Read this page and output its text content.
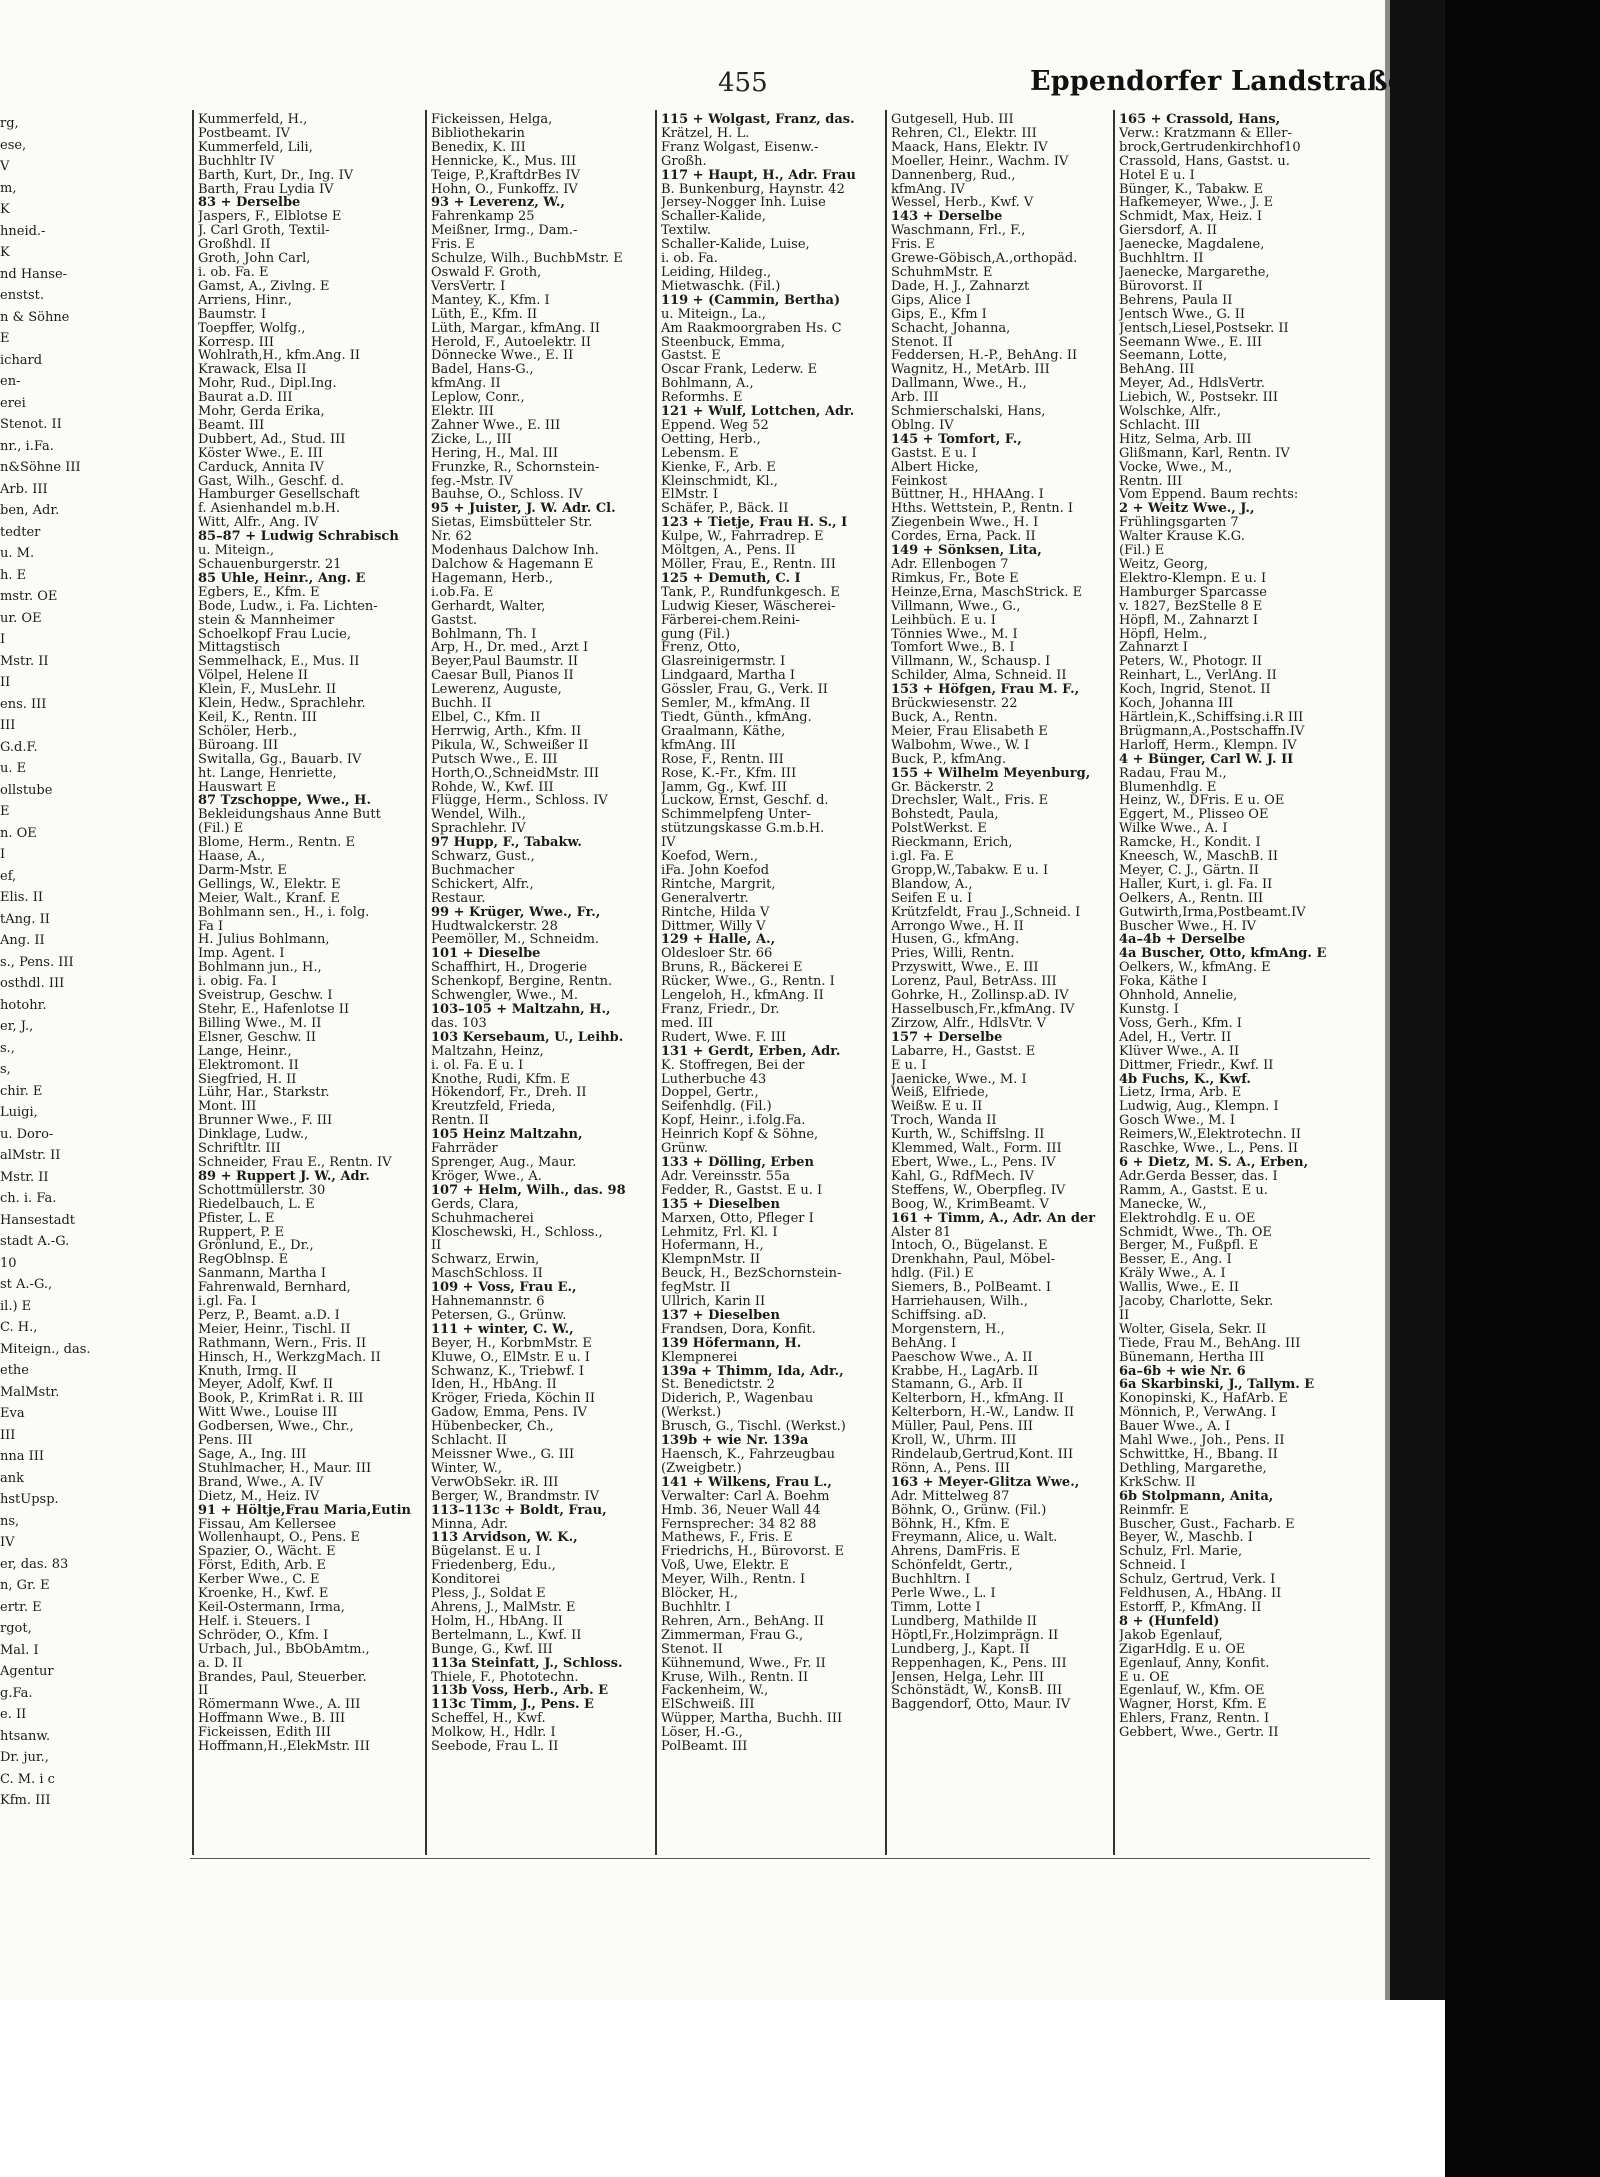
455	Eppendorfer Landstraße
rg,
ese,
V
m,
K
hneid.-
K
nd Hanse-
enstst.
n & Söhne
E
ichard
en-
erei
Stenot. II
nr., i.Fa.
n&Söhne III
Arb. III
ben, Adr.
tedter
u. M.
h. E
mstr. OE
ur. OE
I
Mstr. II
II
ens. III
III
G.d.F.
u. E
ollstube
E
n. OE
I
ef,
Elis. II
tAng. II
Ang. II
s., Pens. III
osthdl. III
hotohr.
er, J.,
s.,
s,
chir. E
Luigi,
u. Doro-
alMstr. II
Mstr. II
ch. i. Fa.
Hansestadt
stadt A.-G.
10
st A.-G.,
il.) E
C. H.,
Miteign., das.
ethe
MalMstr.
Eva
III
nna III
ank
hstUpsp.
ns,
IV
er, das. 83
n, Gr. E
ertr. E
rgot,
Mal. I
Agentur
g.Fa.
e. II
htsanw.
Dr. jur.,
C. M. i c
Kfm. III
Kummerfeld, H.,
Postbeamt. IV
Kummerfeld, Lili,
Buchhltr IV
Barth, Kurt, Dr., Ing. IV
Barth, Frau Lydia IV
83 + Derselbe
Jaspers, F., Elblotse E
J. Carl Groth, Textil-
Großhdl. II
Groth, John Carl,
i. ob. Fa. E
Gamst, A., Zivlng. E
Arriens, Hinr.,
Baumstr. I
Toepffer, Wolfg.,
Korresp. III
Wohlrath,H., kfm.Ang. II
Krawack, Elsa II
Mohr, Rud., Dipl.Ing.
Baurat a.D. III
Mohr, Gerda Erika,
Beamt. III
Dubbert, Ad., Stud. III
Köster Wwe., E. III
Carduck, Annita IV
Gast, Wilh., Geschf. d.
Hamburger Gesellschaft
f. Asienhandel m.b.H.
Witt, Alfr., Ang. IV
85–87 + Ludwig Schrabisch
u. Miteign.,
Schauenburgerstr. 21
85 Uhle, Heinr., Ang. E
Egbers, E., Kfm. E
Bode, Ludw., i. Fa. Lichten-
stein & Mannheimer
Schoelkopf Frau Lucie,
Mittagstisch
Semmelhack, E., Mus. II
Völpel, Helene II
Klein, F., MusLehr. II
Klein, Hedw., Sprachlehr.
Keil, K., Rentn. III
Schöler, Herb.,
Büroang. III
Switalla, Gg., Bauarb. IV
ht. Lange, Henriette,
Hauswart E
87 Tzschoppe, Wwe., H.
Bekleidungshaus Anne Butt
(Fil.) E
Blome, Herm., Rentn. E
Haase, A.,
Darm-Mstr. E
Gellings, W., Elektr. E
Meier, Walt., Kranf. E
Bohlmann sen., H., i. folg.
Fa I
H. Julius Bohlmann,
Imp. Agent. I
Bohlmann jun., H.,
i. obig. Fa. I
Sveistrup, Geschw. I
Stehr, E., Hafenlotse II
Billing Wwe., M. II
Elsner, Geschw. II
Lange, Heinr.,
Elektromont. II
Siegfried, H. II
Lühr, Har., Starkstr.
Mont. III
Brunner Wwe., F. III
Dinklage, Ludw.,
Schriftltr. III
Schneider, Frau E., Rentn. IV
89 + Ruppert J. W., Adr.
Schottmüllerstr. 30
Riedelbauch, L. E
Pfister, L. E
Ruppert, P. E
Grönlund, E., Dr.,
RegOblnsp. E
Sanmann, Martha I
Fahrenwald, Bernhard,
i.gl. Fa. I
Perz, P., Beamt. a.D. I
Meier, Heinr., Tischl. II
Rathmann, Wern., Fris. II
Hinsch, H., WerkzgMach. II
Knuth, Irmg. II
Meyer, Adolf, Kwf. II
Book, P., KrimRat i. R. III
Witt Wwe., Louise III
Godbersen, Wwe., Chr.,
Pens. III
Sage, A., Ing. III
Stuhlmacher, H., Maur. III
Brand, Wwe., A. IV
Dietz, M., Heiz. IV
91 + Höltje,Frau Maria,Eutin
Fissau, Am Kellersee
Wollenhaupt, O., Pens. E
Spazier, O., Wächt. E
Först, Edith, Arb. E
Kerber Wwe., C. E
Kroenke, H., Kwf. E
Keil-Ostermann, Irma,
Helf. i. Steuers. I
Schröder, O., Kfm. I
Urbach, Jul., BbObAmtm.,
a. D. II
Brandes, Paul, Steuerber.
II
Römermann Wwe., A. III
Hoffmann Wwe., B. III
Fickeissen, Edith III
Hoffmann,H.,ElekMstr. III
Fickeissen, Helga,
Bibliothekarin
Benedix, K. III
Hennicke, K., Mus. III
Teige, P.,KraftdrBes IV
Hohn, O., Funkoffz. IV
93 + Leverenz, W.,
Fahrenkamp 25
Meißner, Irmg., Dam.-
Fris. E
Schulze, Wilh., BuchbMstr. E
Oswald F. Groth,
VersVertr. I
Mantey, K., Kfm. I
Lüth, E., Kfm. II
Lüth, Margar., kfmAng. II
Herold, F., Autoelektr. II
Dönnecke Wwe., E. II
Badel, Hans-G.,
kfmAng. II
Leplow, Conr.,
Elektr. III
Zahner Wwe., E. III
Zicke, L., III
Hering, H., Mal. III
Frunzke, R., Schornstein-
feg.-Mstr. IV
Bauhse, O., Schloss. IV
95 + Juister, J. W. Adr. Cl.
Sietas, Eimsbütteler Str.
Nr. 62
Modenhaus Dalchow Inh.
Dalchow & Hagemann E
Hagemann, Herb.,
i.ob.Fa. E
Gerhardt, Walter,
Gastst.
Bohlmann, Th. I
Arp, H., Dr. med., Arzt I
Beyer,Paul Baumstr. II
Caesar Bull, Pianos II
Lewerenz, Auguste,
Buchh. II
Elbel, C., Kfm. II
Herrwig, Arth., Kfm. II
Pikula, W., Schweißer II
Putsch Wwe., E. III
Horth,O.,SchneidMstr. III
Rohde, W., Kwf. III
Flügge, Herm., Schloss. IV
Wendel, Wilh.,
Sprachlehr. IV
97 Hupp, F., Tabakw.
Schwarz, Gust.,
Buchmacher
Schickert, Alfr.,
Restaur.
99 + Krüger, Wwe., Fr.,
Hudtwalckerstr. 28
Peemöller, M., Schneidm.
101 + Dieselbe
Schaffhirt, H., Drogerie
Schenkopf, Bergine, Rentn.
Schwengler, Wwe., M.
103–105 + Maltzahn, H.,
das. 103
103 Kersebaum, U., Leihb.
Maltzahn, Heinz,
i. ol. Fa. E u. I
Knothe, Rudi, Kfm. E
Hökendorf, Fr., Dreh. II
Kreutzfeld, Frieda,
Rentn. II
105 Heinz Maltzahn,
Fahrräder
Sprenger, Aug., Maur.
Kröger, Wwe., A.
107 + Helm, Wilh., das. 98
Gerds, Clara,
Schuhmacherei
Kloschewski, H., Schloss.,
II
Schwarz, Erwin,
MaschSchloss. II
109 + Voss, Frau E.,
Hahnemannstr. 6
Petersen, G., Grünw.
111 + winter, C. W.,
Beyer, H., KorbmMstr. E
Kluwe, O., ElMstr. E u. I
Schwanz, K., Triebwf. I
Iden, H., HbAng. II
Kröger, Frieda, Köchin II
Gadow, Emma, Pens. IV
Hübenbecker, Ch.,
Schlacht. II
Meissner Wwe., G. III
Winter, W.,
VerwObSekr. iR. III
Berger, W., Brandmstr. IV
113–113c + Boldt, Frau,
Minna, Adr.
113 Arvidson, W. K.,
Bügelanst. E u. I
Friedenberg, Edu.,
Konditorei
Pless, J., Soldat E
Ahrens, J., MalMstr. E
Holm, H., HbAng. II
Bertelmann, L., Kwf. II
Bunge, G., Kwf. III
113a Steinfatt, J., Schloss.
Thiele, F., Phototechn.
113b Voss, Herb., Arb. E
113c Timm, J., Pens. E
Scheffel, H., Kwf.
Molkow, H., Hdlr. I
Seebode, Frau L. II
115 + Wolgast, Franz, das.
Krätzel, H. L.
Franz Wolgast, Eisenw.-
Großh.
117 + Haupt, H., Adr. Frau
B. Bunkenburg, Haynstr. 42
Jersey-Nogger Inh. Luise
Schaller-Kalide,
Textilw.
Schaller-Kalide, Luise,
i. ob. Fa.
Leiding, Hildeg.,
Mietwaschk. (Fil.)
119 + (Cammin, Bertha)
u. Miteign., La.,
Am Raakmoorgraben Hs. C
Steenbuck, Emma,
Gastst. E
Oscar Frank, Lederw. E
Bohlmann, A.,
Reformhs. E
121 + Wulf, Lottchen, Adr.
Eppend. Weg 52
Oetting, Herb.,
Lebensm. E
Kienke, F., Arb. E
Kleinschmidt, Kl.,
ElMstr. I
Schäfer, P., Bäck. II
123 + Tietje, Frau H. S., I
Kulpe, W., Fahrradrep. E
Möltgen, A., Pens. II
Möller, Frau, E., Rentn. III
125 + Demuth, C. I
Tank, P., Rundfunkgesch. E
Ludwig Kieser, Wäscherei-
Färberei-chem.Reini-
gung (Fil.)
Frenz, Otto,
Glasreinigermstr. I
Lindgaard, Martha I
Gössler, Frau, G., Verk. II
Semler, M., kfmAng. II
Tiedt, Günth., kfmAng.
Graalmann, Käthe,
kfmAng. III
Rose, F., Rentn. III
Rose, K.-Fr., Kfm. III
Jamm, Gg., Kwf. III
Luckow, Ernst, Geschf. d.
Schimmelpfeng Unter-
stützungskasse G.m.b.H.
IV
Koefod, Wern.,
iFa. John Koefod
Rintche, Margrit,
Generalvertr.
Rintche, Hilda V
Dittmer, Willy V
129 + Halle, A.,
Oldesloer Str. 66
Bruns, R., Bäckerei E
Rücker, Wwe., G., Rentn. I
Lengeloh, H., kfmAng. II
Franz, Friedr., Dr.
med. III
Rudert, Wwe. F. III
131 + Gerdt, Erben, Adr.
K. Stoffregen, Bei der
Lutherbuche 43
Doppel, Gertr.,
Seifenhdlg. (Fil.)
Kopf, Heinr., i.folg.Fa.
Heinrich Kopf & Söhne,
Grünw.
133 + Dölling, Erben
Adr. Vereinsstr. 55a
Fedder, R., Gastst. E u. I
135 + Dieselben
Marxen, Otto, Pfleger I
Lehmitz, Frl. Kl. I
Hofermann, H.,
KlempnMstr. II
Beuck, H., BezSchornstein-
fegMstr. II
Ullrich, Karin II
137 + Dieselben
Frandsen, Dora, Konfit.
139 Höfermann, H.
Klempnerei
139a + Thimm, Ida, Adr.,
St. Benedictstr. 2
Diderich, P., Wagenbau
(Werkst.)
Brusch, G., Tischl. (Werkst.)
139b + wie Nr. 139a
Haensch, K., Fahrzeugbau
(Zweigbetr.)
141 + Wilkens, Frau L.,
Verwalter: Carl A. Boehm
Hmb. 36, Neuer Wall 44
Fernsprecher: 34 82 88
Mathews, F., Fris. E
Friedrichs, H., Bürovorst. E
Voß, Uwe, Elektr. E
Meyer, Wilh., Rentn. I
Blöcker, H.,
Buchhltr. I
Rehren, Arn., BehAng. II
Zimmerman, Frau G.,
Stenot. II
Kühnemund, Wwe., Fr. II
Kruse, Wilh., Rentn. II
Fackenheim, W.,
ElSchweiß. III
Wüpper, Martha, Buchh. III
Löser, H.-G.,
PolBeamt. III
Gutgesell, Hub. III
Rehren, Cl., Elektr. III
Maack, Hans, Elektr. IV
Moeller, Heinr., Wachm. IV
Dannenberg, Rud.,
kfmAng. IV
Wessel, Herb., Kwf. V
143 + Derselbe
Waschmann, Frl., F.,
Fris. E
Grewe-Göbisch,A.,orthopäd.
SchuhmMstr. E
Dade, H. J., Zahnarzt
Gips, Alice I
Gips, E., Kfm I
Schacht, Johanna,
Stenot. II
Feddersen, H.-P., BehAng. II
Wagnitz, H., MetArb. III
Dallmann, Wwe., H.,
Arb. III
Schmierschalski, Hans,
Oblng. IV
145 + Tomfort, F.,
Gastst. E u. I
Albert Hicke,
Feinkost
Büttner, H., HHAAng. I
Hths. Wettstein, P., Rentn. I
Ziegenbein Wwe., H. I
Cordes, Erna, Pack. II
149 + Sönksen, Lita,
Adr. Ellenbogen 7
Rimkus, Fr., Bote E
Heinze,Erna, MaschStrick. E
Villmann, Wwe., G.,
Leihbüch. E u. I
Tönnies Wwe., M. I
Tomfort Wwe., B. I
Villmann, W., Schausp. I
Schilder, Alma, Schneid. II
153 + Höfgen, Frau M. F.,
Brückwiesenstr. 22
Buck, A., Rentn.
Meier, Frau Elisabeth E
Walbohm, Wwe., W. I
Buck, P., kfmAng.
155 + Wilhelm Meyenburg,
Gr. Bäckerstr. 2
Drechsler, Walt., Fris. E
Bohstedt, Paula,
PolstWerkst. E
Rieckmann, Erich,
i.gl. Fa. E
Gropp,W.,Tabakw. E u. I
Blandow, A.,
Seifen E u. I
Krützfeldt, Frau J.,Schneid. I
Arrongo Wwe., H. II
Husen, G., kfmAng.
Pries, Willi, Rentn.
Przyswitt, Wwe., E. III
Lorenz, Paul, BetrAss. III
Gohrke, H., Zollinsp.aD. IV
Hasselbusch,Fr.,kfmAng. IV
Zirzow, Alfr., HdlsVtr. V
157 + Derselbe
Labarre, H., Gastst. E
E u. I
Jaenicke, Wwe., M. I
Weiß, Elfriede,
Weißw. E u. II
Troch, Wanda II
Kurth, W., Schiffslng. II
Klemmed, Walt., Form. III
Ebert, Wwe., L., Pens. IV
Kahl, G., RdfMech. IV
Steffens, W., Oberpfleg. IV
Boog, W., KrimBeamt. V
161 + Timm, A., Adr. An der
Alster 81
Intoch, O., Bügelanst. E
Drenkhahn, Paul, Möbel-
hdlg. (Fil.) E
Siemers, B., PolBeamt. I
Harriehausen, Wilh.,
Schiffsing. aD.
Morgenstern, H.,
BehAng. I
Paeschow Wwe., A. II
Krabbe, H., LagArb. II
Stamann, G., Arb. II
Kelterborn, H., kfmAng. II
Kelterborn, H.-W., Landw. II
Müller, Paul, Pens. III
Kroll, W., Uhrm. III
Rindelaub,Gertrud,Kont. III
Rönn, A., Pens. III
163 + Meyer-Glitza Wwe.,
Adr. Mittelweg 87
Böhnk, O., Grünw. (Fil.)
Böhnk, H., Kfm. E
Freymann, Alice, u. Walt.
Ahrens, DamFris. E
Schönfeldt, Gertr.,
Buchhltrn. I
Perle Wwe., L. I
Timm, Lotte I
Lundberg, Mathilde II
Höptl,Fr.,Holzimprägn. II
Lundberg, J., Kapt. II
Reppenhagen, K., Pens. III
Jensen, Helga, Lehr. III
Schönstädt, W., KonsB. III
Baggendorf, Otto, Maur. IV
165 + Crassold, Hans,
Verw.: Kratzmann & Eller-
brock,Gertrudenkirchhof10
Crassold, Hans, Gastst. u.
Hotel E u. I
Bünger, K., Tabakw. E
Hafkemeyer, Wwe., J. E
Schmidt, Max, Heiz. I
Giersdorf, A. II
Jaenecke, Magdalene,
Buchhltrn. II
Jaenecke, Margarethe,
Bürovorst. II
Behrens, Paula II
Jentsch Wwe., G. II
Jentsch,Liesel,Postsekr. II
Seemann Wwe., E. III
Seemann, Lotte,
BehAng. III
Meyer, Ad., HdlsVertr.
Liebich, W., Postsekr. III
Wolschke, Alfr.,
Schlacht. III
Hitz, Selma, Arb. III
Glißmann, Karl, Rentn. IV
Vocke, Wwe., M.,
Rentn. III
Vom Eppend. Baum rechts:
2 + Weitz Wwe., J.,
Frühlingsgarten 7
Walter Krause K.G.
(Fil.) E
Weitz, Georg,
Elektro-Klempn. E u. I
Hamburger Sparcasse
v. 1827, BezStelle 8 E
Höpfl, M., Zahnarzt I
Höpfl, Helm.,
Zahnarzt I
Peters, W., Photogr. II
Reinhart, L., VerlAng. II
Koch, Ingrid, Stenot. II
Koch, Johanna III
Härtlein,K.,Schiffsing.i.R III
Brügmann,A.,Postschaffn.IV
Harloff, Herm., Klempn. IV
4 + Bünger, Carl W. J. II
Radau, Frau M.,
Blumenhdlg. E
Heinz, W., DFris. E u. OE
Eggert, M., Plisseo OE
Wilke Wwe., A. I
Ramcke, H., Kondit. I
Kneesch, W., MaschB. II
Meyer, C. J., Gärtn. II
Haller, Kurt, i. gl. Fa. II
Oelkers, A., Rentn. III
Gutwirth,Irma,Postbeamt.IV
Buscher Wwe., H. IV
4a–4b + Derselbe
4a Buscher, Otto, kfmAng. E
Oelkers, W., kfmAng. E
Foka, Käthe I
Ohnhold, Annelie,
Kunstg. I
Voss, Gerh., Kfm. I
Adel, H., Vertr. II
Klüver Wwe., A. II
Dittmer, Friedr., Kwf. II
4b Fuchs, K., Kwf.
Lietz, Irma, Arb. E
Ludwig, Aug., Klempn. I
Gosch Wwe., M. I
Reimers,W.,Elektrotechn. II
Raschke, Wwe., L., Pens. II
6 + Dietz, M. S. A., Erben,
Adr.Gerda Besser, das. I
Ramm, A., Gastst. E u.
Manecke, W.,
Elektrohdlg. E u. OE
Schmidt, Wwe., Th. OE
Berger, M., Fußpfl. E
Besser, E., Ang. I
Kräly Wwe., A. I
Wallis, Wwe., E. II
Jacoby, Charlotte, Sekr.
II
Wolter, Gisela, Sekr. II
Tiede, Frau M., BehAng. III
Bünemann, Hertha III
6a–6b + wie Nr. 6
6a Skarbinski, J., Tallym. E
Konopinski, K., HafArb. E
Mönnich, P., VerwAng. I
Bauer Wwe., A. I
Mahl Wwe., Joh., Pens. II
Schwittke, H., Bbang. II
Dethling, Margarethe,
KrkSchw. II
6b Stolpmann, Anita,
Reinmfr. E
Buscher, Gust., Facharb. E
Beyer, W., Maschb. I
Schulz, Frl. Marie,
Schneid. I
Schulz, Gertrud, Verk. I
Feldhusen, A., HbAng. II
Estorff, P., KfmAng. II
8 + (Hunfeld)
Jakob Egenlauf,
ZigarHdlg. E u. OE
Egenlauf, Anny, Konfit.
E u. OE
Egenlauf, W., Kfm. OE
Wagner, Horst, Kfm. E
Ehlers, Franz, Rentn. I
Gebbert, Wwe., Gertr. II
